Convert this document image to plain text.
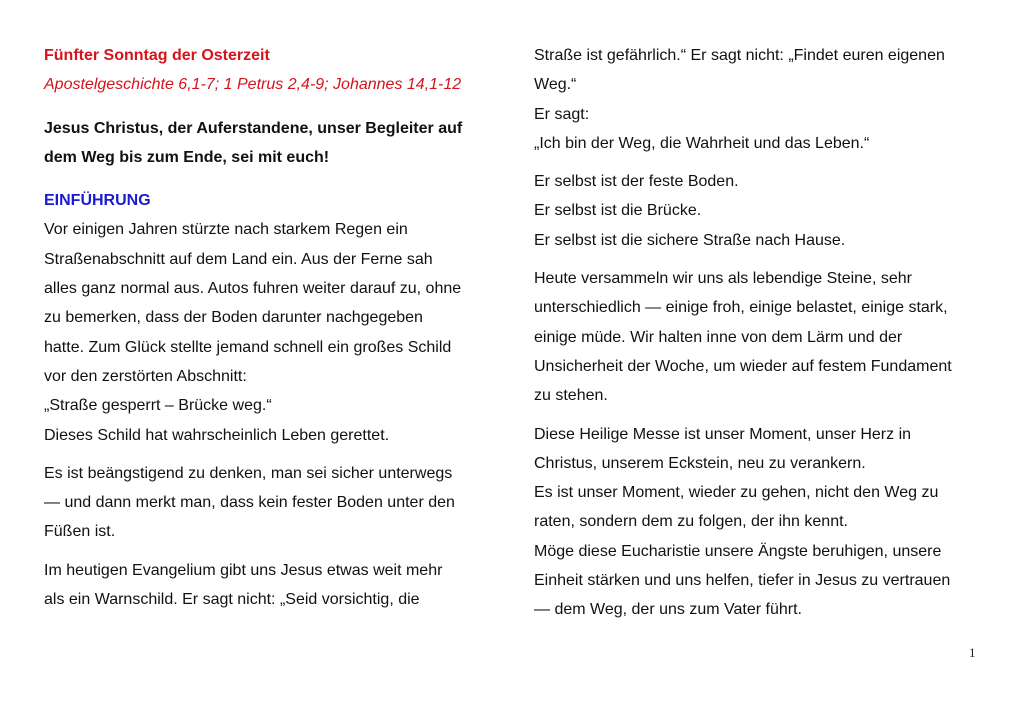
Fünfter Sonntag der Osterzeit
Apostelgeschichte 6,1-7; 1 Petrus 2,4-9; Johannes 14,1-12
Jesus Christus, der Auferstandene, unser Begleiter auf
dem Weg bis zum Ende, sei mit euch!
EINFÜHRUNG
Vor einigen Jahren stürzte nach starkem Regen ein
Straßenabschnitt auf dem Land ein. Aus der Ferne sah
alles ganz normal aus. Autos fuhren weiter darauf zu, ohne
zu bemerken, dass der Boden darunter nachgegeben
hatte. Zum Glück stellte jemand schnell ein großes Schild
vor den zerstörten Abschnitt:
„Straße gesperrt – Brücke weg.“
Dieses Schild hat wahrscheinlich Leben gerettet.
Es ist beängstigend zu denken, man sei sicher unterwegs
— und dann merkt man, dass kein fester Boden unter den
Füßen ist.
Im heutigen Evangelium gibt uns Jesus etwas weit mehr
als ein Warnschild. Er sagt nicht: „Seid vorsichtig, die
Straße ist gefährlich.“ Er sagt nicht: „Findet euren eigenen
Weg.“
Er sagt:
„Ich bin der Weg, die Wahrheit und das Leben.“
Er selbst ist der feste Boden.
Er selbst ist die Brücke.
Er selbst ist die sichere Straße nach Hause.
Heute versammeln wir uns als lebendige Steine, sehr
unterschiedlich — einige froh, einige belastet, einige stark,
einige müde. Wir halten inne von dem Lärm und der
Unsicherheit der Woche, um wieder auf festem Fundament
zu stehen.
Diese Heilige Messe ist unser Moment, unser Herz in
Christus, unserem Eckstein, neu zu verankern.
Es ist unser Moment, wieder zu gehen, nicht den Weg zu
raten, sondern dem zu folgen, der ihn kennt.
Möge diese Eucharistie unsere Ängste beruhigen, unsere
Einheit stärken und uns helfen, tiefer in Jesus zu vertrauen
— dem Weg, der uns zum Vater führt.
1
